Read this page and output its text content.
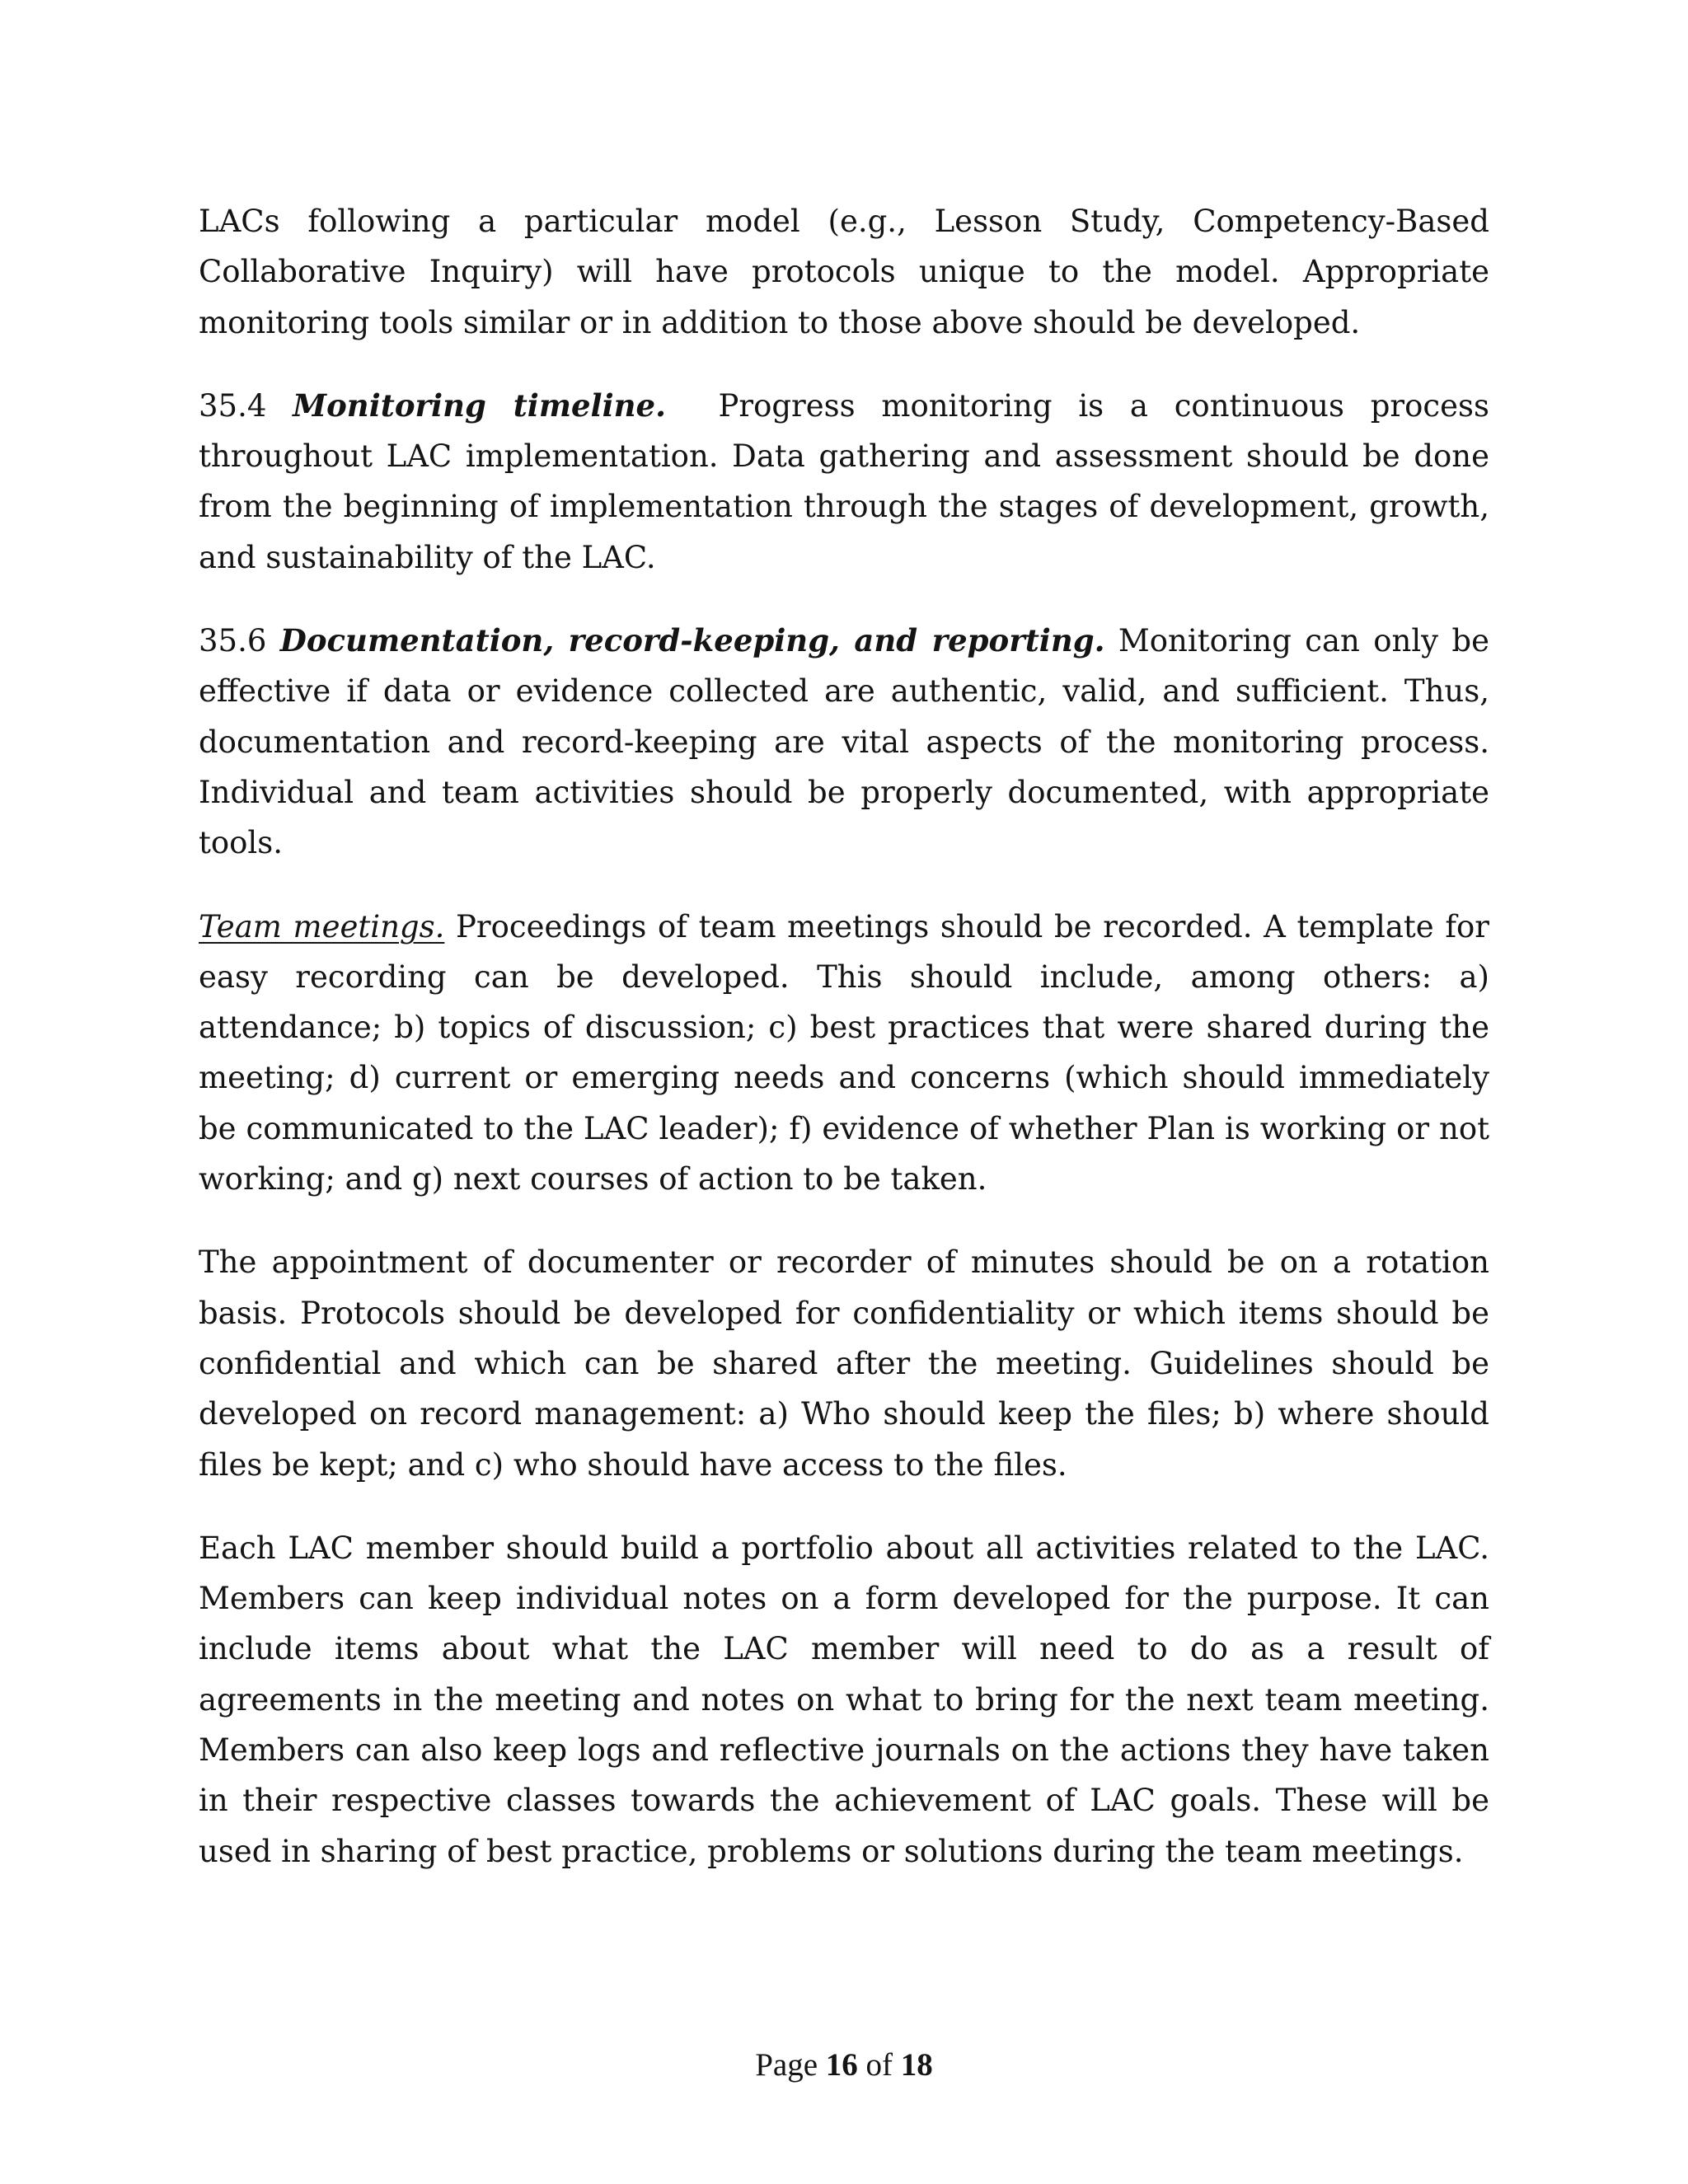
LACs following a particular model (e.g., Lesson Study, Competency-Based Collaborative Inquiry) will have protocols unique to the model. Appropriate monitoring tools similar or in addition to those above should be developed.

35.4 Monitoring timeline. Progress monitoring is a continuous process throughout LAC implementation. Data gathering and assessment should be done from the beginning of implementation through the stages of development, growth, and sustainability of the LAC.

35.6 Documentation, record-keeping, and reporting. Monitoring can only be effective if data or evidence collected are authentic, valid, and sufficient. Thus, documentation and record-keeping are vital aspects of the monitoring process. Individual and team activities should be properly documented, with appropriate tools.

Team meetings. Proceedings of team meetings should be recorded. A template for easy recording can be developed. This should include, among others: a) attendance; b) topics of discussion; c) best practices that were shared during the meeting; d) current or emerging needs and concerns (which should immediately be communicated to the LAC leader); f) evidence of whether Plan is working or not working; and g) next courses of action to be taken.

The appointment of documenter or recorder of minutes should be on a rotation basis. Protocols should be developed for confidentiality or which items should be confidential and which can be shared after the meeting. Guidelines should be developed on record management: a) Who should keep the files; b) where should files be kept; and c) who should have access to the files.

Each LAC member should build a portfolio about all activities related to the LAC. Members can keep individual notes on a form developed for the purpose. It can include items about what the LAC member will need to do as a result of agreements in the meeting and notes on what to bring for the next team meeting. Members can also keep logs and reflective journals on the actions they have taken in their respective classes towards the achievement of LAC goals. These will be used in sharing of best practice, problems or solutions during the team meetings.

Page 16 of 18
